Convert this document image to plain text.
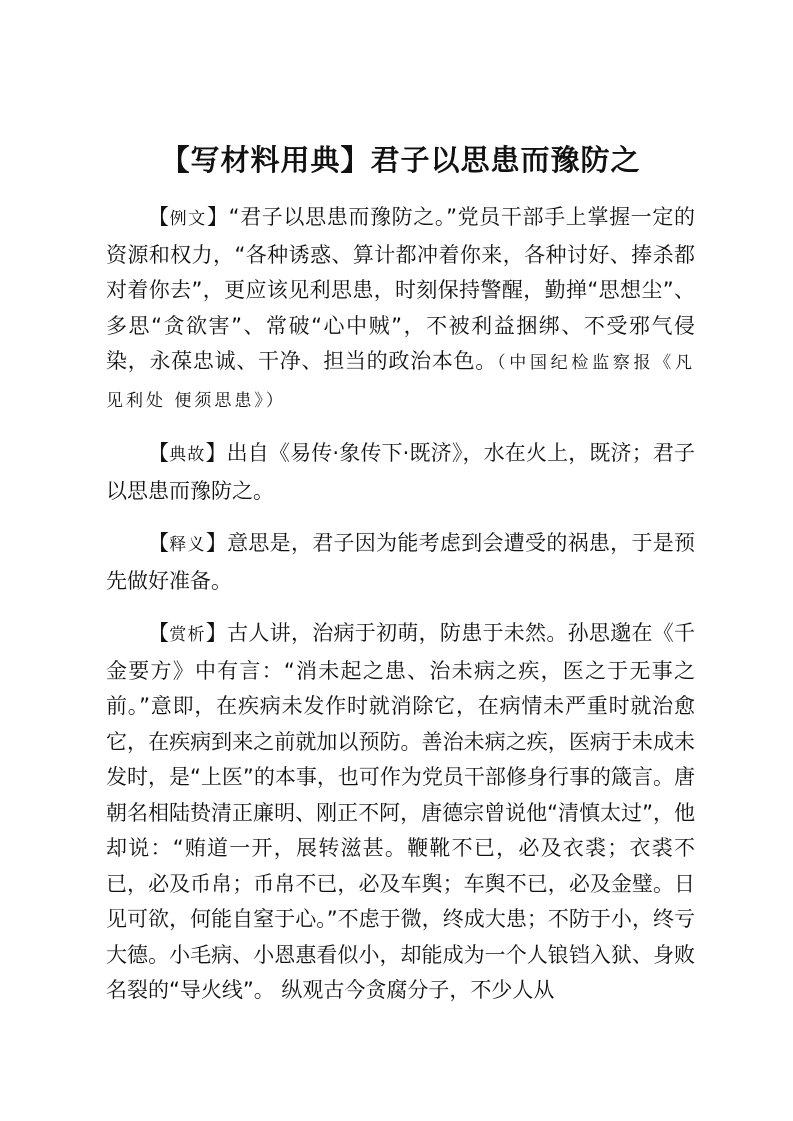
【写材料用典】君子以思患而豫防之

【例文】“君子以思患而豫防之。”党员干部手上掌握一定的资源和权力，“各种诱惑、算计都冲着你来，各种讨好、捧杀都对着你去”，更应该见利思患，时刻保持警醒，勤掸“思想尘”、多思“贪欲害”、常破“心中贼”，不被利益捆绑、不受邪气侵染，永葆忠诚、干净、担当的政治本色。（中国纪检监察报《凡见利处 便须思患》）

【典故】出自《易传·象传下·既济》，水在火上，既济；君子以思患而豫防之。

【释义】意思是，君子因为能考虑到会遭受的祸患，于是预先做好准备。

【赏析】古人讲，治病于初萌，防患于未然。孙思邈在《千金要方》中有言：“消未起之患、治未病之疾，医之于无事之前。”意即，在疾病未发作时就消除它，在病情未严重时就治愈它，在疾病到来之前就加以预防。善治未病之疾，医病于未成未发时，是“上医”的本事，也可作为党员干部修身行事的箴言。唐朝名相陆贽清正廉明、刚正不阿，唐德宗曾说他“清慎太过”，他却说：“贿道一开，展转滋甚。鞭靴不已，必及衣裘；衣裘不已，必及币帛；币帛不已，必及车舆；车舆不已，必及金璧。日见可欲，何能自窒于心。”不虑于微，终成大患；不防于小，终亏大德。小毛病、小恩惠看似小，却能成为一个人锒铛入狱、身败名裂的“导火线”。 纵观古今贪腐分子，不少人从
